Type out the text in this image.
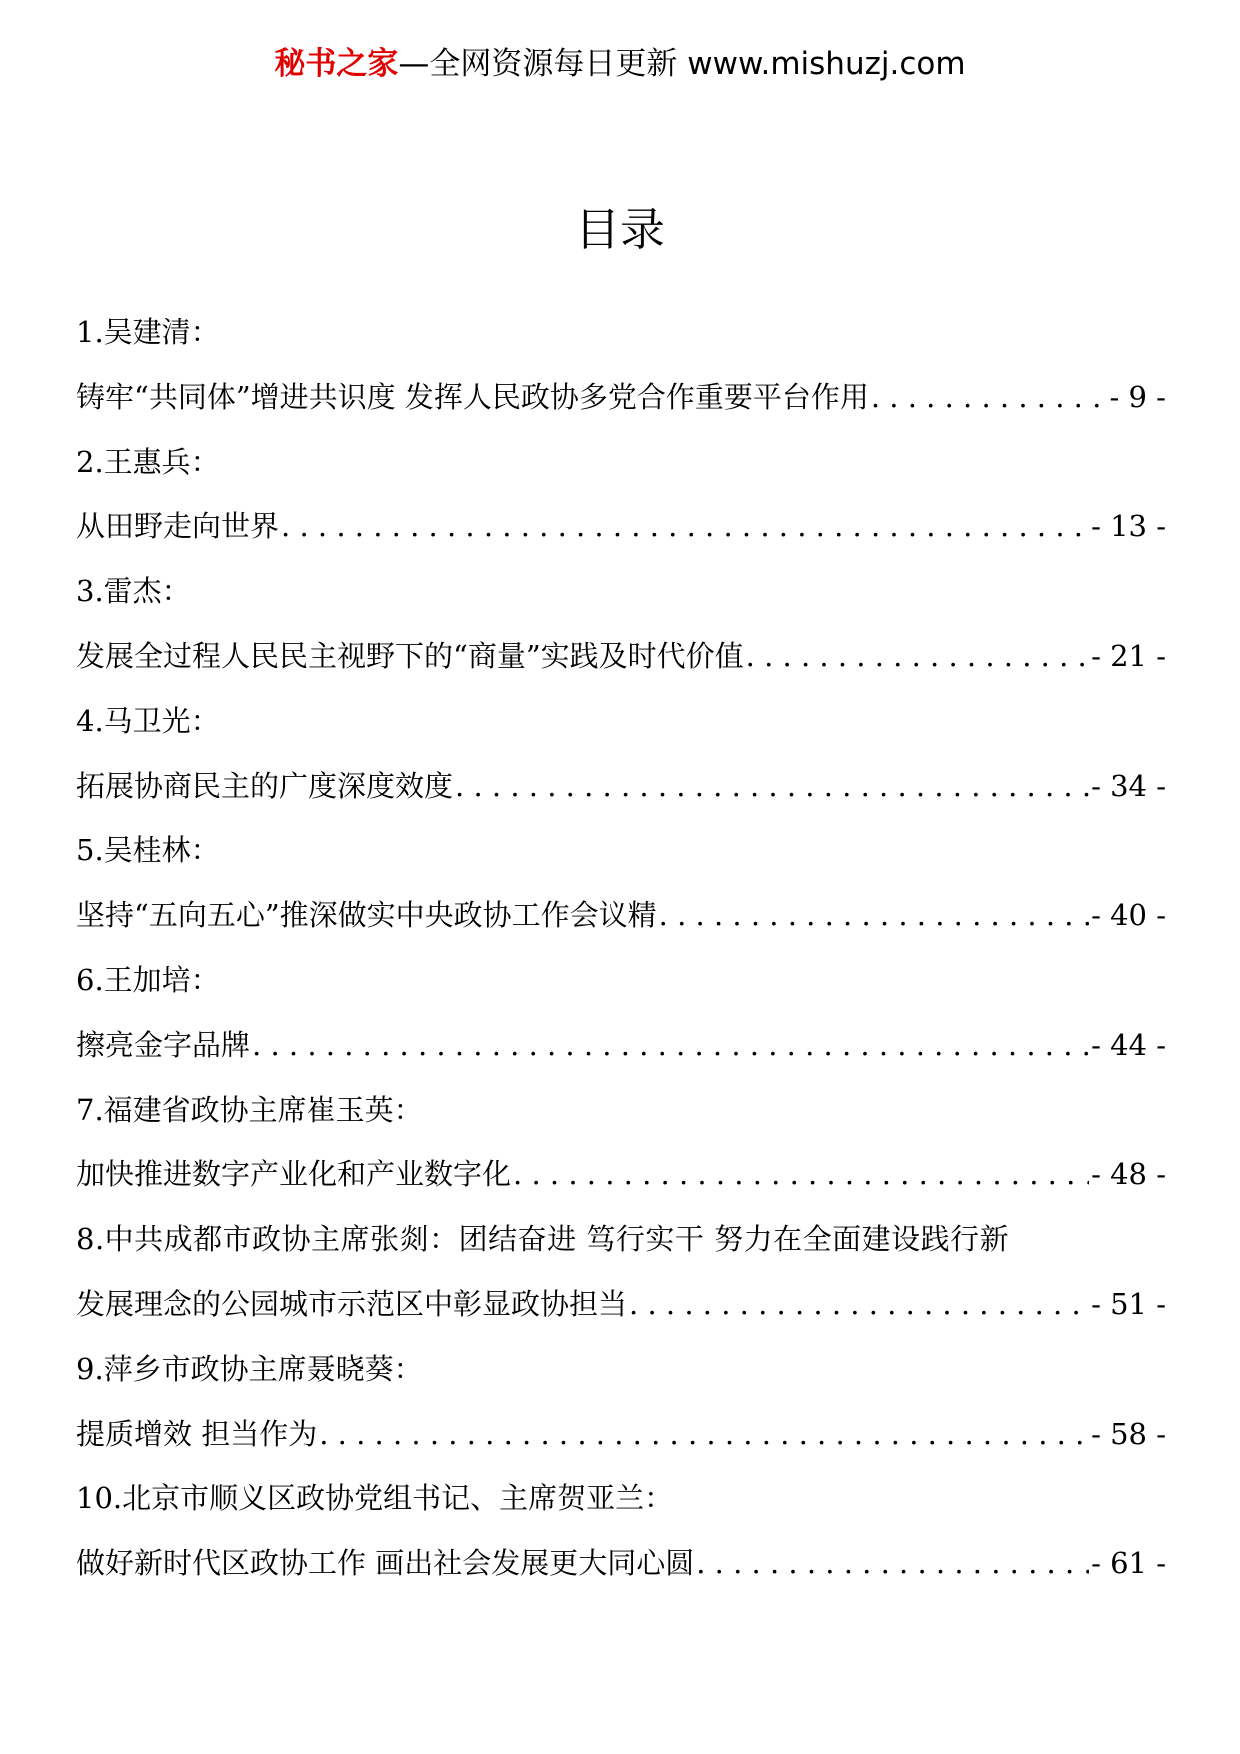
秘书之家—全网资源每日更新 www.mishuzj.com
目录
1.吴建清：
铸牢“共同体”增进共识度 发挥人民政协多党合作重要平台作用 . . .	- 9 -
2.王惠兵：
从田野走向世界 . . .	- 13 -
3.雷杰：
发展全过程人民民主视野下的“商量”实践及时代价值 . . .	- 21 -
4.马卫光：
拓展协商民主的广度深度效度 . . .	- 34 -
5.吴桂林：
坚持“五向五心”推深做实中央政协工作会议精 . . .	- 40 -
6.王加培：
擦亮金字品牌 . . .	- 44 -
7.福建省政协主席崔玉英：
加快推进数字产业化和产业数字化 . . .	- 48 -
8.中共成都市政协主席张剡：团结奋进 笃行实干 努力在全面建设践行新
发展理念的公园城市示范区中彰显政协担当 . . .	- 51 -
9.萍乡市政协主席聂晓葵：
提质增效 担当作为 . . .	- 58 -
10.北京市顺义区政协党组书记、主席贺亚兰：
做好新时代区政协工作 画出社会发展更大同心圆 . . .	- 61 -
